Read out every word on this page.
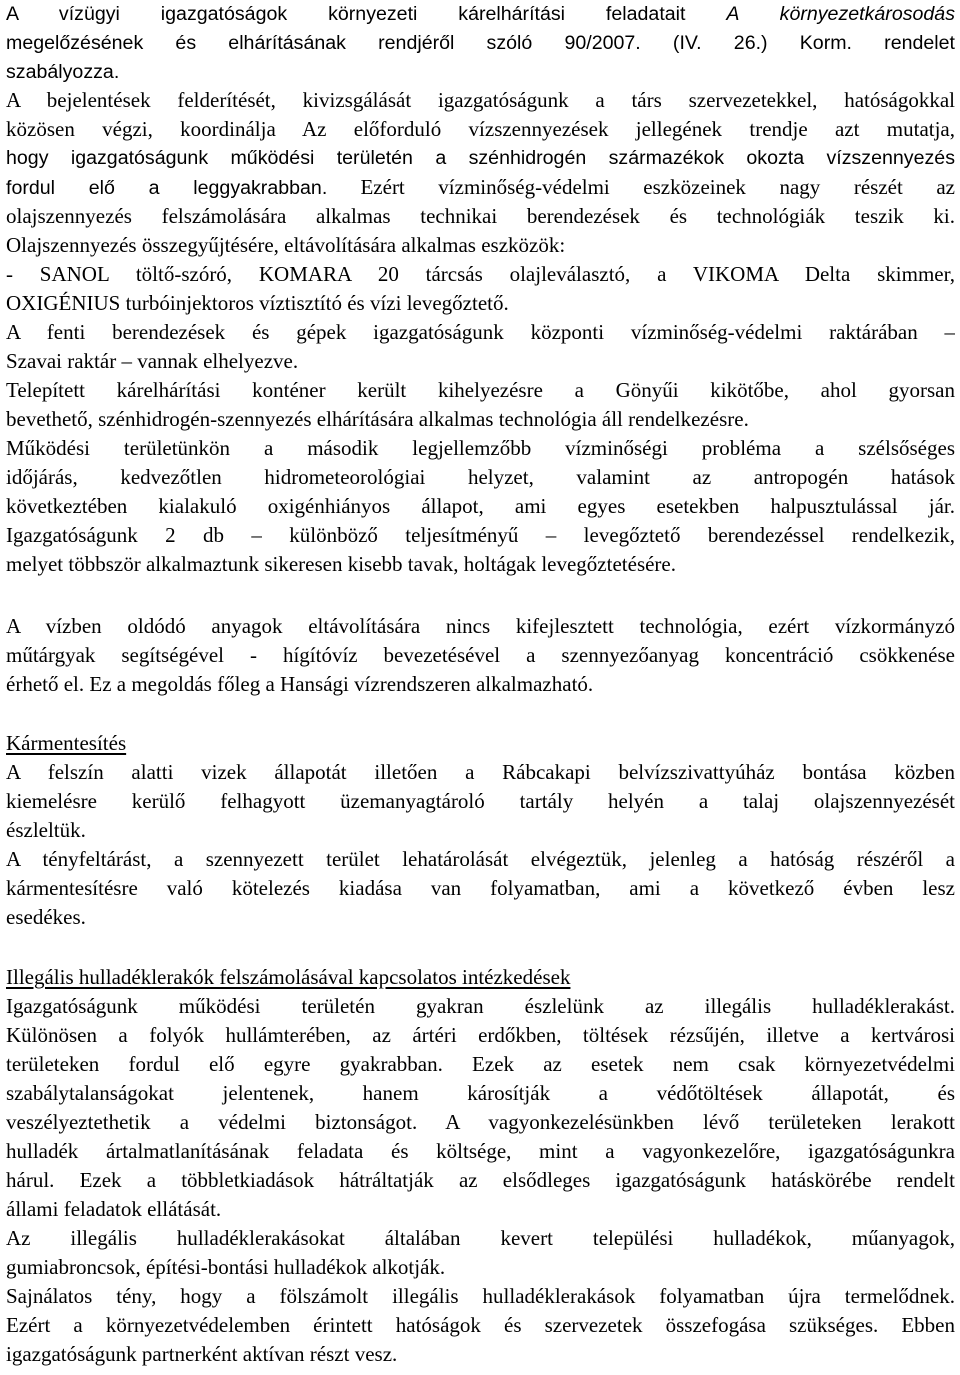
A vízügyi igazgatóságok környezeti kárelhárítási feladatait A környezetkárosodás
megelőzésének és elhárításának rendjéről szóló 90/2007. (IV. 26.) Korm. rendelet
szabályozza.
A bejelentések felderítését, kivizsgálását igazgatóságunk a társ szervezetekkel, hatóságokkal
közösen végzi, koordinálja Az előforduló vízszennyezések jellegének trendje azt mutatja,
hogy igazgatóságunk működési területén a szénhidrogén származékok okozta vízszennyezés
fordul elő a leggyakrabban. Ezért vízminőség-védelmi eszközeinek nagy részét az
olajszennyezés felszámolására alkalmas technikai berendezések és technológiák teszik ki.
Olajszennyezés összegyűjtésére, eltávolítására alkalmas eszközök:
- SANOL töltő-szóró, KOMARA 20 tárcsás olajleválasztó, a VIKOMA Delta skimmer,
OXIGÉNIUS turbóinjektoros víztisztító és vízi levegőztető.
A fenti berendezések és gépek igazgatóságunk központi vízminőség-védelmi raktárában –
Szavai raktár – vannak elhelyezve.
Telepített kárelhárítási konténer került kihelyezésre a Gönyűi kikötőbe, ahol gyorsan
bevethető, szénhidrogén-szennyezés elhárítására alkalmas technológia áll rendelkezésre.
Működési területünkön a második legjellemzőbb vízminőségi probléma a szélsőséges
időjárás, kedvezőtlen hidrometeorológiai helyzet, valamint az antropogén hatások
következtében kialakuló oxigénhiányos állapot, ami egyes esetekben halpusztulással jár.
Igazgatóságunk 2 db – különböző teljesítményű – levegőztető berendezéssel rendelkezik,
melyet többször alkalmaztunk sikeresen kisebb tavak, holtágak levegőztetésére.
A vízben oldódó anyagok eltávolítására nincs kifejlesztett technológia, ezért vízkormányzó
műtárgyak segítségével - hígítóvíz bevezetésével a szennyezőanyag koncentráció csökkenése
érhető el. Ez a megoldás főleg a Hansági vízrendszeren alkalmazható.
Kármentesítés
A felszín alatti vizek állapotát illetően a Rábcakapi belvízszivattyúház bontása közben
kiemelésre kerülő felhagyott üzemanyagtároló tartály helyén a talaj olajszennyezését
észleltük.
A tényfeltárást, a szennyezett terület lehatárolását elvégeztük, jelenleg a hatóság részéről a
kármentesítésre való kötelezés kiadása van folyamatban, ami a következő évben lesz
esedékes.
Illegális hulladéklerakók felszámolásával kapcsolatos intézkedések
Igazgatóságunk működési területén gyakran észlelünk az illegális hulladéklerakást.
Különösen a folyók hullámterében, az ártéri erdőkben, töltések rézsűjén, illetve a kertvárosi
területeken fordul elő egyre gyakrabban. Ezek az esetek nem csak környezetvédelmi
szabálytalanságokat jelentenek, hanem károsítják a védőtöltések állapotát, és
veszélyeztethetik a védelmi biztonságot. A vagyonkezelésünkben lévő területeken lerakott
hulladék ártalmatlanításának feladata és költsége, mint a vagyonkezelőre, igazgatóságunkra
hárul. Ezek a többletkiadások hátráltatják az elsődleges igazgatóságunk hatáskörébe rendelt
állami feladatok ellátását.
Az illegális hulladéklerakásokat általában kevert települési hulladékok, műanyagok,
gumiabroncsok, építési-bontási hulladékok alkotják.
Sajnálatos tény, hogy a fölszámolt illegális hulladéklerakások folyamatban újra termelődnek.
Ezért a környezetvédelemben érintett hatóságok és szervezetek összefogása szükséges. Ebben
igazgatóságunk partnerként aktívan részt vesz.
